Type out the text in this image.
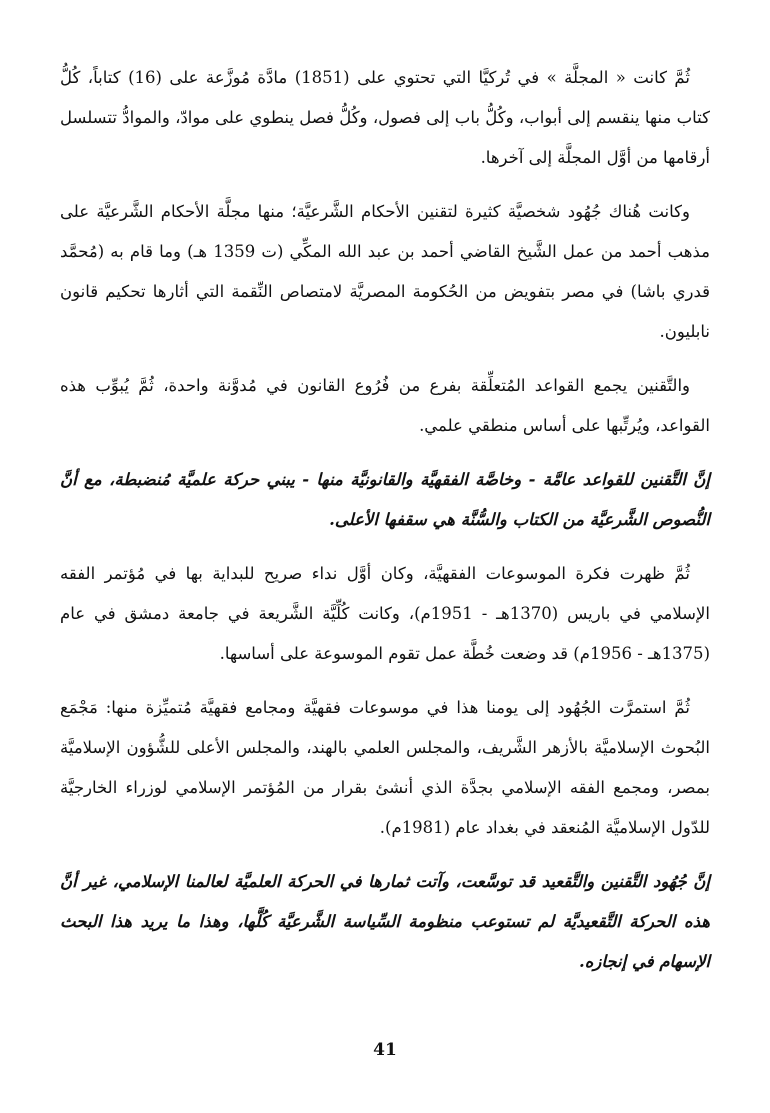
ثُمَّ كانت « المجلَّة » في تُركيَّا التي تحتوي على (1851) مادَّة مُوزَّعة على (16) كتاباً، كُلُّ كتاب منها ينقسم إلى أبواب، وكُلُّ باب إلى فصول، وكُلُّ فصل ينطوي على موادّ، والموادُّ تتسلسل أرقامها من أوَّل المجلَّة إلى آخرها.

وكانت هُناك جُهُود شخصيَّة كثيرة لتقنين الأحكام الشَّرعيَّة؛ منها مجلَّة الأحكام الشَّرعيَّة على مذهب أحمد من عمل الشَّيخ القاضي أحمد بن عبد الله المكِّي (ت 1359 هـ) وما قام به (مُحمَّد قدري باشا) في مصر بتفويض من الحُكومة المصريَّة لامتصاص النِّقمة التي أثارها تحكيم قانون نابليون.

والتَّقنين يجمع القواعد المُتعلِّقة بفرع من فُرُوع القانون في مُدوَّنة واحدة، ثُمَّ يُبوِّب هذه القواعد، ويُرتِّبها على أساس منطقي علمي.

إنَّ التَّقنين للقواعد عامَّة - وخاصَّة الفقهيَّة والقانونيَّة منها - يبني حركة علميَّة مُنضبطة، مع أنَّ النُّصوص الشَّرعيَّة من الكتاب والسُّنَّة هي سقفها الأعلى.

ثُمَّ ظهرت فكرة الموسوعات الفقهيَّة، وكان أوَّل نداء صريح للبداية بها في مُؤتمر الفقه الإسلامي في باريس (1370هـ - 1951م)، وكانت كُلِّيَّة الشَّريعة في جامعة دمشق في عام (1375هـ - 1956م) قد وضعت خُطَّة عمل تقوم الموسوعة على أساسها.

ثُمَّ استمرَّت الجُهُود إلى يومنا هذا في موسوعات فقهيَّة ومجامع فقهيَّة مُتميِّزة منها: مَجْمَع البُحوث الإسلاميَّة بالأزهر الشَّريف، والمجلس العلمي بالهند، والمجلس الأعلى للشُّؤون الإسلاميَّة بمصر، ومجمع الفقه الإسلامي بجدَّة الذي أنشئ بقرار من المُؤتمر الإسلامي لوزراء الخارجيَّة للدّول الإسلاميَّة المُنعقد في بغداد عام (1981م).

إنَّ جُهُود التَّقنين والتَّقعيد قد توسَّعت، وآتت ثمارها في الحركة العلميَّة لعالمنا الإسلامي، غير أنَّ هذه الحركة التَّقعيديَّة لم تستوعب منظومة السِّياسة الشَّرعيَّة كُلَّها، وهذا ما يريد هذا البحث الإسهام في إنجازه.

41
